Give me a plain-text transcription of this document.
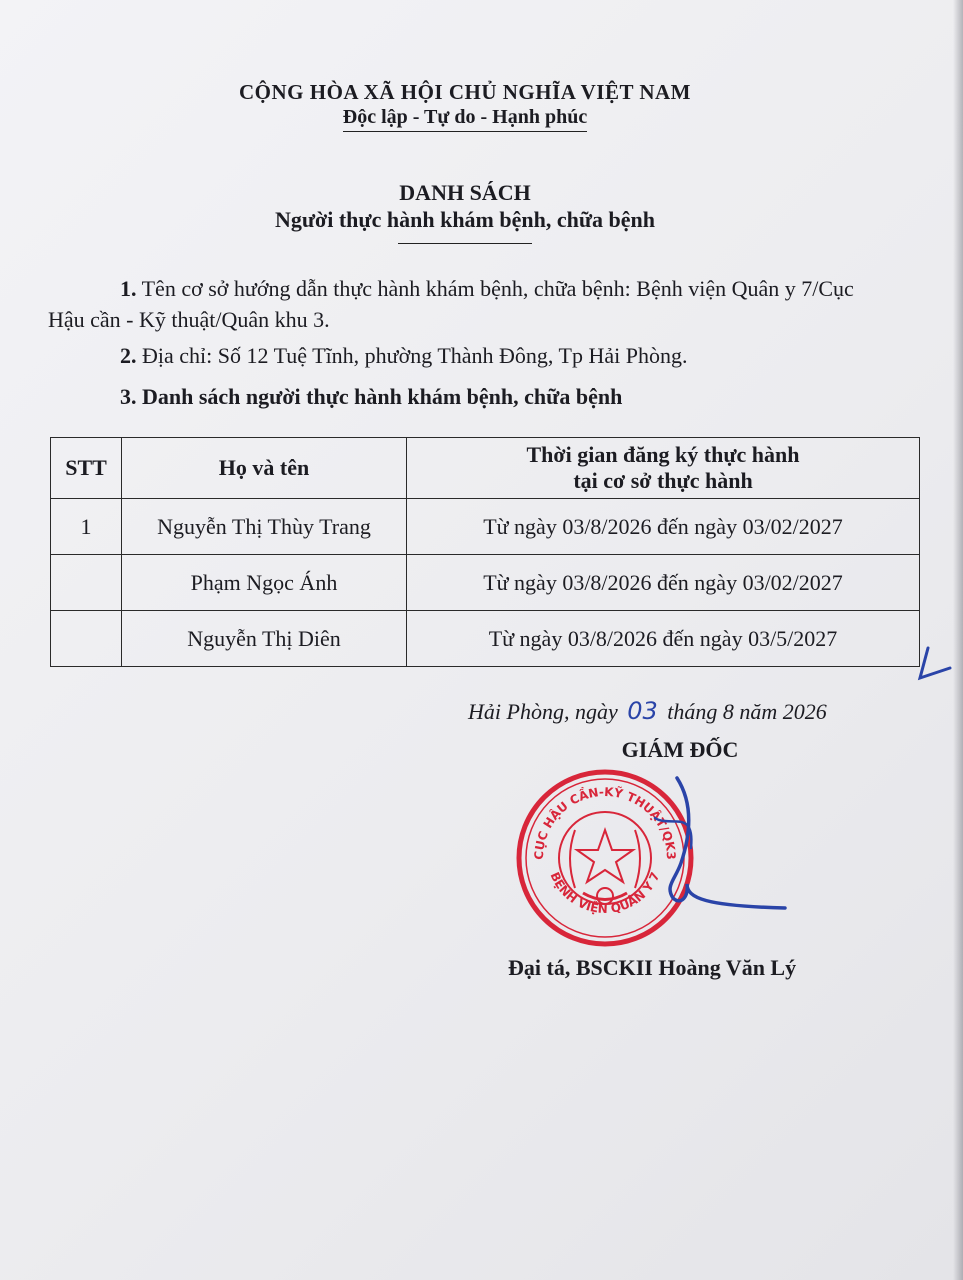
CỘNG HÒA XÃ HỘI CHỦ NGHĨA VIỆT NAM
Độc lập - Tự do - Hạnh phúc
DANH SÁCH
Người thực hành khám bệnh, chữa bệnh
1. Tên cơ sở hướng dẫn thực hành khám bệnh, chữa bệnh: Bệnh viện Quân y 7/Cục Hậu cần - Kỹ thuật/Quân khu 3.
2. Địa chỉ: Số 12 Tuệ Tĩnh, phường Thành Đông, Tp Hải Phòng.
3. Danh sách người thực hành khám bệnh, chữa bệnh
STT	Họ và tên	Thời gian đăng ký thực hành
tại cơ sở thực hành

1	Nguyễn Thị Thùy Trang	Từ ngày 03/8/2026 đến ngày 03/02/2027
	Phạm Ngọc Ánh	Từ ngày 03/8/2026 đến ngày 03/02/2027
	Nguyễn Thị Diên	Từ ngày 03/8/2026 đến ngày 03/5/2027
Hải Phòng, ngày 03 tháng 8 năm 2026
GIÁM ĐỐC
CỤC HẬU CẦN-KỸ THUẬT/QK3
BỆNH VIỆN QUÂN Y 7
Đại tá, BSCKII Hoàng Văn Lý
